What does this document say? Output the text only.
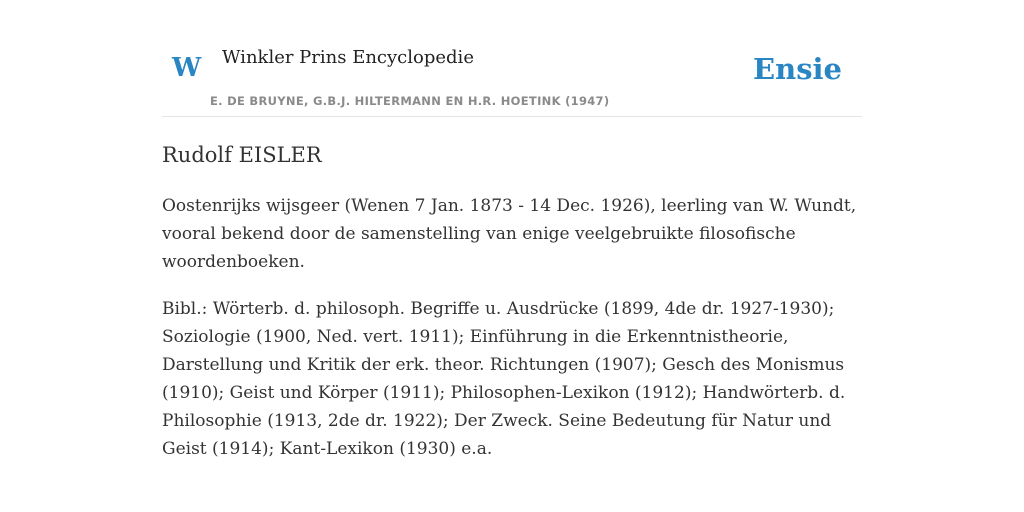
W Winkler Prins Encyclopedie
E. DE BRUYNE, G.B.J. HILTERMANN EN H.R. HOETINK (1947)
Ensie
Rudolf EISLER

Oostenrijks wijsgeer (Wenen 7 Jan. 1873 - 14 Dec. 1926), leerling van W. Wundt, vooral bekend door de samenstelling van enige veelgebruikte filosofische woordenboeken.

Bibl.: Wörterb. d. philosoph. Begriffe u. Ausdrücke (1899, 4de dr. 1927-1930); Soziologie (1900, Ned. vert. 1911); Einführung in die Erkenntnistheorie, Darstellung und Kritik der erk. theor. Richtungen (1907); Gesch des Monismus (1910); Geist und Körper (1911); Philosophen-Lexikon (1912); Handwörterb. d. Philosophie (1913, 2de dr. 1922); Der Zweck. Seine Bedeutung für Natur und Geist (1914); Kant-Lexikon (1930) e.a.
